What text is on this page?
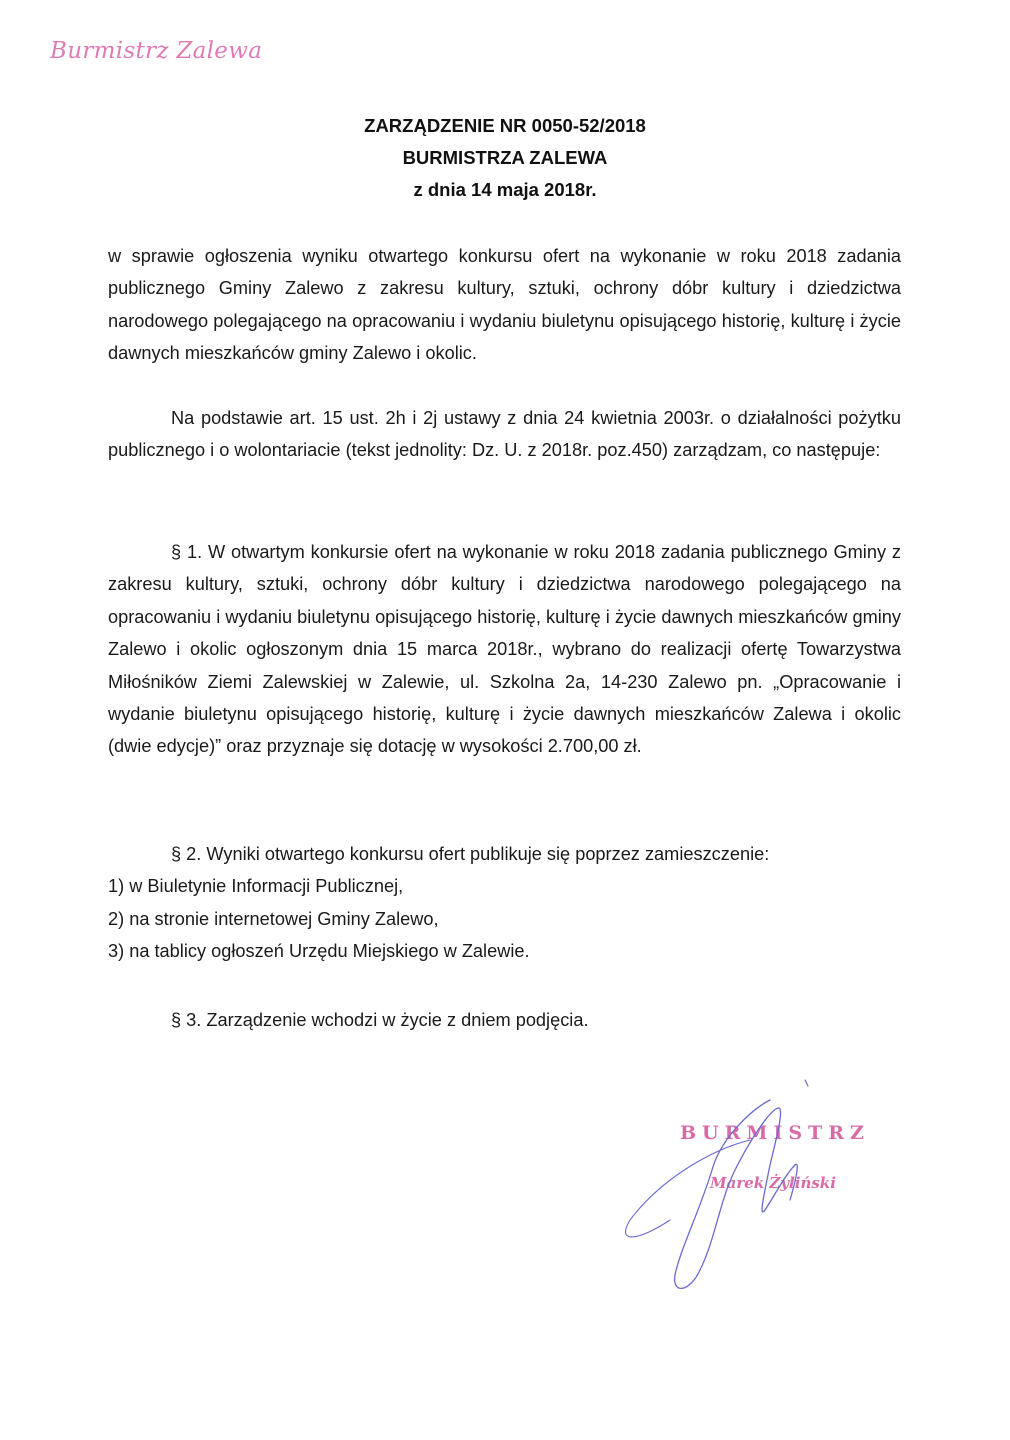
Burmistrz Zalewa
ZARZĄDZENIE NR 0050-52/2018
BURMISTRZA ZALEWA
z dnia 14 maja 2018r.
w sprawie ogłoszenia wyniku otwartego konkursu ofert na wykonanie w roku 2018 zadania publicznego Gminy Zalewo z zakresu kultury, sztuki, ochrony dóbr kultury i dziedzictwa narodowego polegającego na opracowaniu i wydaniu biuletynu opisującego historię, kulturę i życie dawnych mieszkańców gminy Zalewo i okolic.
Na podstawie art. 15 ust. 2h i 2j ustawy z dnia 24 kwietnia 2003r. o działalności pożytku publicznego i o wolontariacie (tekst jednolity: Dz. U. z 2018r. poz.450) zarządzam, co następuje:
§ 1. W otwartym konkursie ofert na wykonanie w roku 2018 zadania publicznego Gminy z zakresu kultury, sztuki, ochrony dóbr kultury i dziedzictwa narodowego polegającego na opracowaniu i wydaniu biuletynu opisującego historię, kulturę i życie dawnych mieszkańców gminy Zalewo i okolic ogłoszonym dnia 15 marca 2018r., wybrano do realizacji ofertę Towarzystwa Miłośników Ziemi Zalewskiej w Zalewie, ul. Szkolna 2a, 14-230 Zalewo pn. „Opracowanie i wydanie biuletynu opisującego historię, kulturę i życie dawnych mieszkańców Zalewa i okolic (dwie edycje)” oraz przyznaje się dotację w wysokości 2.700,00 zł.
§ 2. Wyniki otwartego konkursu ofert publikuje się poprzez zamieszczenie:
1) w Biuletynie Informacji Publicznej,
2) na stronie internetowej Gminy Zalewo,
3) na tablicy ogłoszeń Urzędu Miejskiego w Zalewie.
§ 3. Zarządzenie wchodzi w życie z dniem podjęcia.
BURMISTRZ
Marek Żyliński
